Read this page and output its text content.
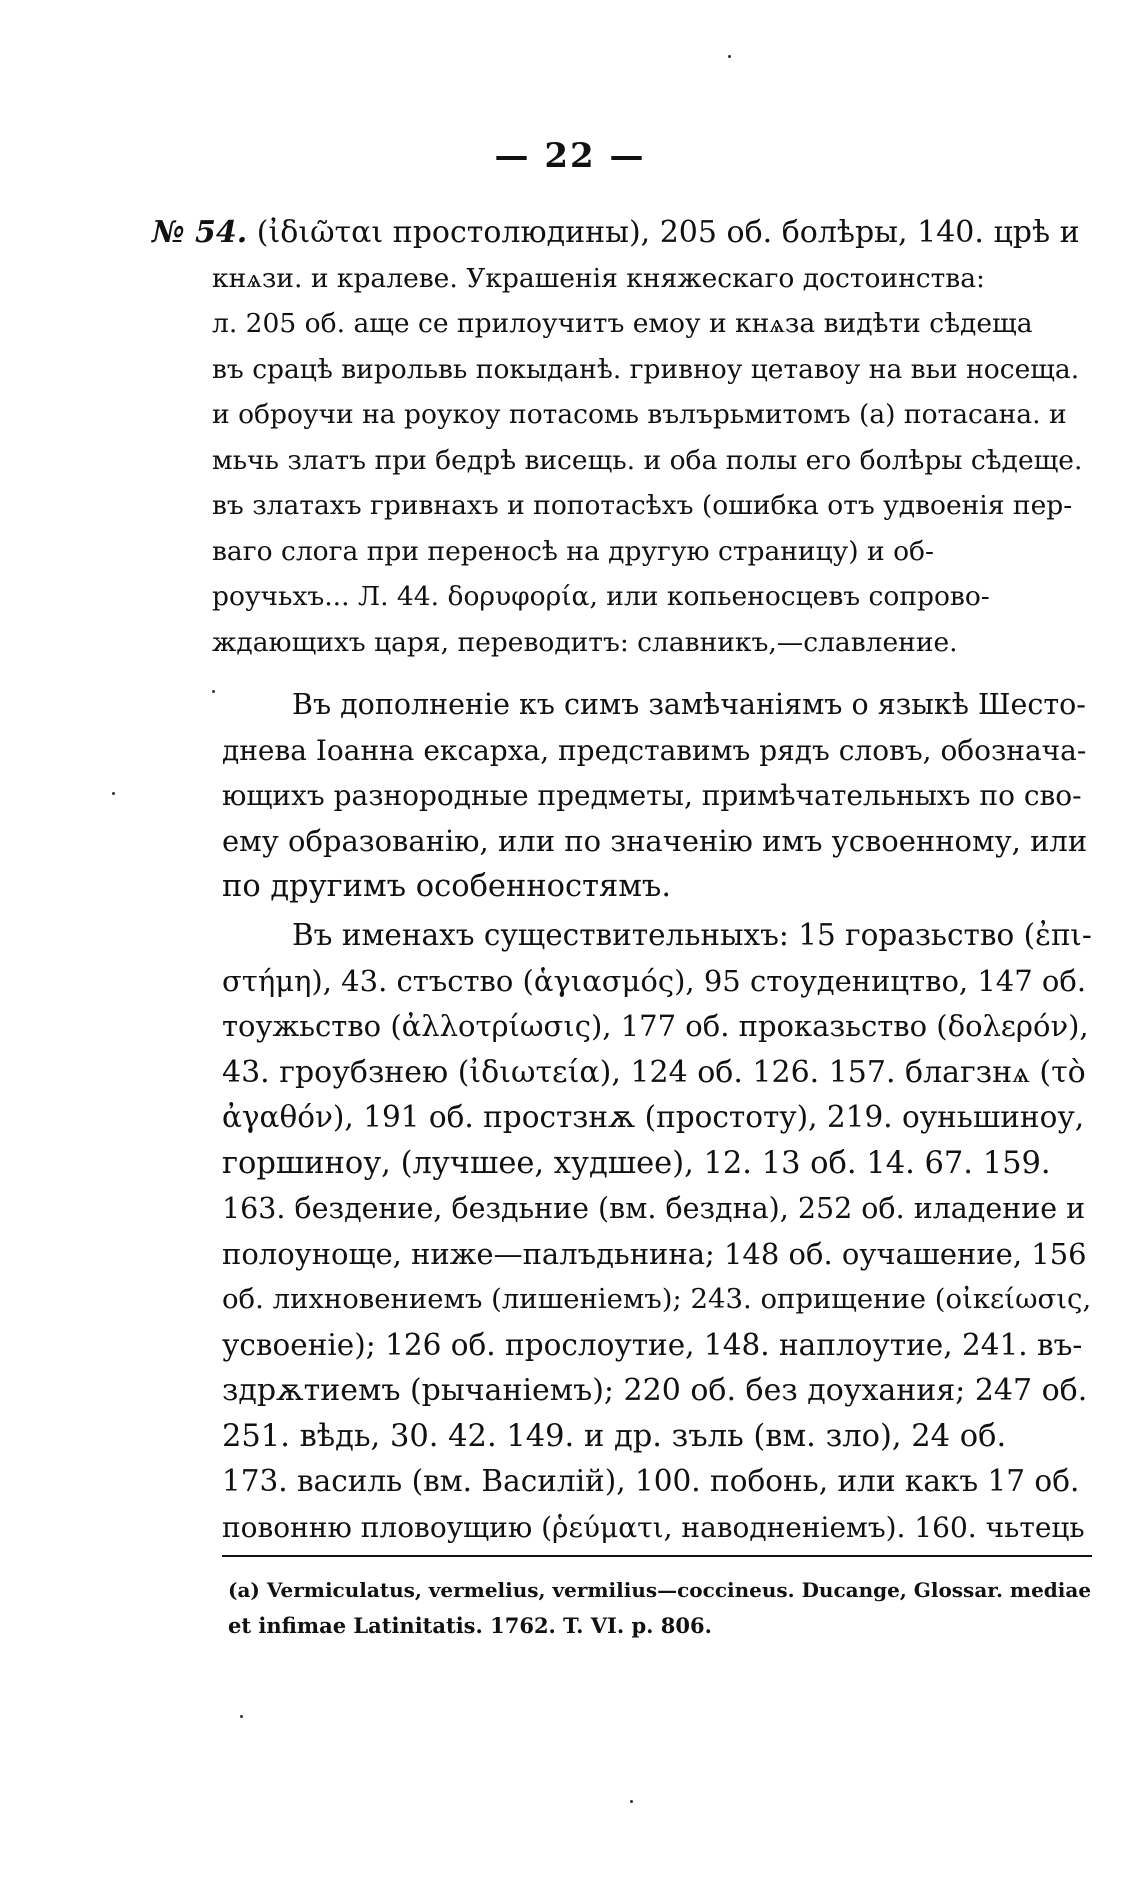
— 22 —
№ 54. (ἰδιῶται простолюдины), 205 об. болѣры, 140. црѣ и
кнѧзи. и кралеве. Украшенія княжескаго достоинства:
л. 205 об. аще се прилоучитъ емоу и кнѧза видѣти сѣдеща
въ срацѣ вирольвь покыданѣ. гривноу цетавоу на вьи носеща.
и оброучи на роукоу потасомь вълърьмитомъ (а) потасана. и
мьчь златъ при бедрѣ висещь. и оба полы его болѣры сѣдеще.
въ златахъ гривнахъ и попотасѣхъ (ошибка отъ удвоенія пер-
ваго слога при переносѣ на другую страницу) и об-
роучьхъ... Л. 44. δορυφορία, или копьеносцевъ сопрово-
ждающихъ царя, переводитъ: славникъ,—славление.
Въ дополненіе къ симъ замѣчаніямъ о языкѣ Шесто-
днева Іоанна ексарха, представимъ рядъ словъ, обознача-
ющихъ разнородные предметы, примѣчательныхъ по сво-
ему образованію, или по значенію имъ усвоенному, или
по другимъ особенностямъ.
Въ именахъ существительныхъ: 15 горазьство (ἐπι-
στήμη), 43. стъство (ἁγιασμός), 95 стоудеництво, 147 об.
тоужьство (ἀλλοτρίωσις), 177 об. проказьство (δολερόν),
43. гроубзнею (ἰδιωτεία), 124 об. 126. 157. благзнѧ (τὸ
ἀγαθόν), 191 об. простзнѫ (простоту), 219. оуньшиноу,
горшиноу, (лучшее, худшее), 12. 13 об. 14. 67. 159.
163. бездение, бездьние (вм. бездна), 252 об. иладение и
полоуноще, ниже—палъдьнина; 148 об. оучашение, 156
об. лихновениемъ (лишеніемъ); 243. оприщение (οἰκείωσις,
усвоеніе); 126 об. прослоутие, 148. наплоутие, 241. въ-
здрѫтиемъ (рычаніемъ); 220 об. без доухания; 247 об.
251. вѣдь, 30. 42. 149. и др. зъль (вм. зло), 24 об.
173. василь (вм. Василій), 100. побонь, или какъ 17 об.
повонню пловоущию (ῥεύματι, наводненіемъ). 160. чьтець
(a) Vermiculatus, vermelius, vermilius—coccineus. Ducange, Glossar. mediae
et infimae Latinitatis. 1762. T. VI. p. 806.
